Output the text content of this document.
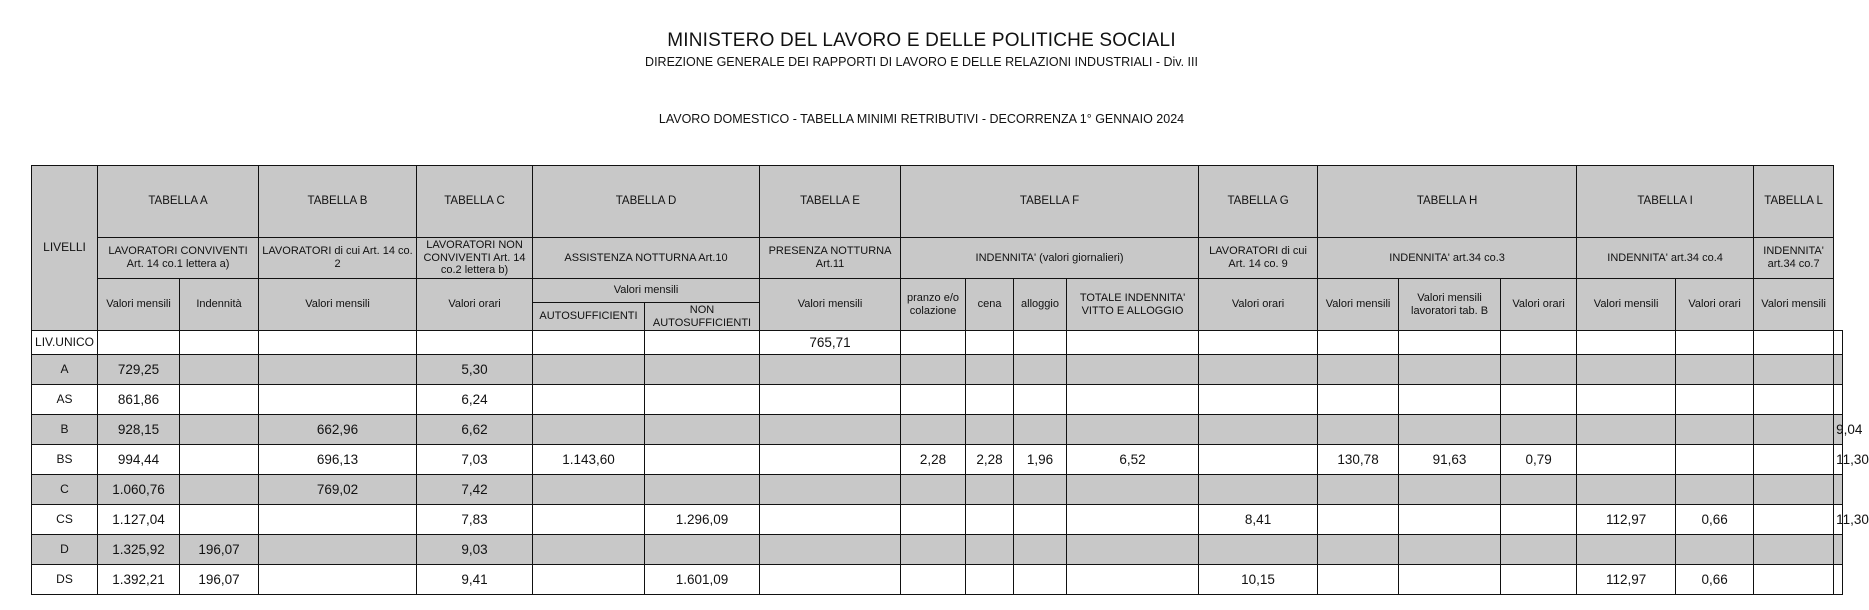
MINISTERO DEL LAVORO E DELLE POLITICHE SOCIALI
DIREZIONE GENERALE DEI RAPPORTI DI LAVORO E DELLE RELAZIONI INDUSTRIALI - Div. III
LAVORO DOMESTICO - TABELLA MINIMI RETRIBUTIVI - DECORRENZA 1° GENNAIO 2024
LIVELLI	TABELLA A		TABELLA B	TABELLA C	TABELLA D		TABELLA E	TABELLA F				TABELLA G	TABELLA H			TABELLA I		TABELLA L	
	LAVORATORI CONVIVENTI Art. 14 co.1 lettera a)		LAVORATORI di cui Art. 14 co. 2	LAVORATORI NON CONVIVENTI Art. 14 co.2 lettera b)	ASSISTENZA NOTTURNA Art.10		PRESENZA NOTTURNA Art.11	INDENNITA' (valori giornalieri)				LAVORATORI di cui Art. 14 co. 9	INDENNITA' art.34 co.3			INDENNITA' art.34 co.4		INDENNITA' art.34 co.7	
	Valori mensili	Indennità	Valori mensili	Valori orari	Valori mensili		Valori mensili	pranzo e/o colazione	cena	alloggio	TOTALE INDENNITA' VITTO E ALLOGGIO	Valori orari	Valori mensili	Valori mensili lavoratori tab. B	Valori orari	Valori mensili	Valori orari	Valori mensili	
					AUTOSUFFICIENTI	NON AUTOSUFFICIENTI													
LIV.UNICO							765,71												
A	729,25			5,30															
AS	861,86			6,24															
B	928,15		662,96	6,62															9,04
BS	994,44		696,13	7,03	1.143,60			2,28	2,28	1,96	6,52		130,78	91,63	0,79				11,30
C	1.060,76		769,02	7,42															
CS	1.127,04			7,83		1.296,09						8,41				112,97	0,66		11,30
D	1.325,92	196,07		9,03															
DS	1.392,21	196,07		9,41		1.601,09						10,15				112,97	0,66		
